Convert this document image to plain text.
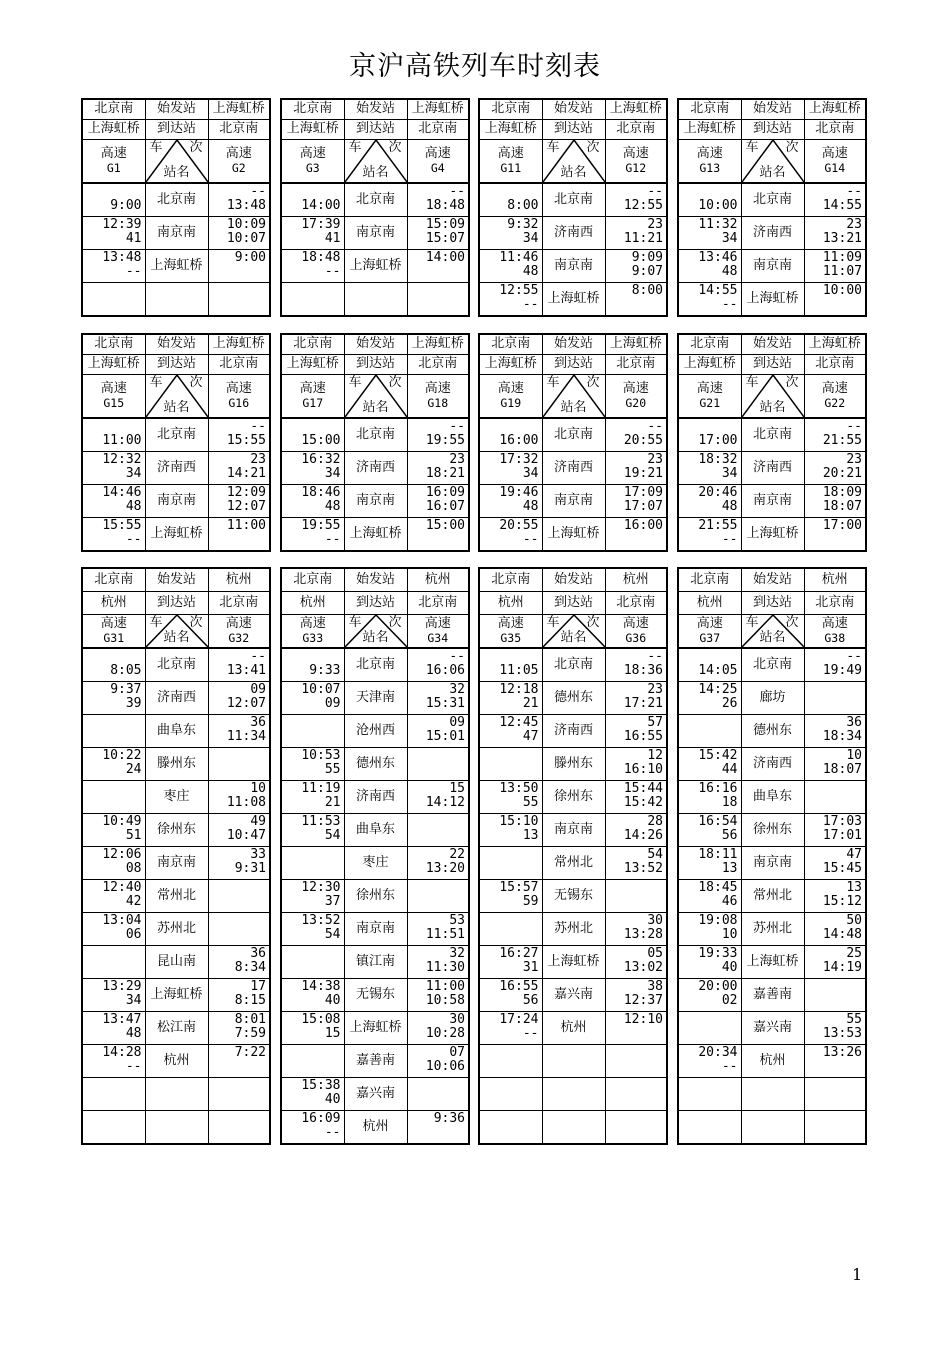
京沪高铁列车时刻表
北京南	始发站	上海虹桥
上海虹桥	到达站	北京南

高速
G1	车 次
站名	高速
G2

9:00	北京南	--
13:48

12:39
41	南京南	10:09
10:07

13:48
--	上海虹桥	9:00

北京南	始发站	上海虹桥
上海虹桥	到达站	北京南

高速
G3	车 次
站名	高速
G4

14:00	北京南	--
18:48

17:39
41	南京南	15:09
15:07

18:48
--	上海虹桥	14:00

北京南	始发站	上海虹桥
上海虹桥	到达站	北京南

高速
G11	车 次
站名	高速
G12

8:00	北京南	--
12:55

9:32
34	济南西	23
11:21

11:46
48	南京南	9:09
9:07

12:55
--	上海虹桥	8:00
北京南	始发站	上海虹桥
上海虹桥	到达站	北京南

高速
G13	车 次
站名	高速
G14

10:00	北京南	--
14:55

11:32
34	济南西	23
13:21

13:46
48	南京南	11:09
11:07

14:55
--	上海虹桥	10:00
北京南	始发站	上海虹桥
上海虹桥	到达站	北京南

高速
G15	车 次
站名	高速
G16

11:00	北京南	--
15:55

12:32
34	济南西	23
14:21

14:46
48	南京南	12:09
12:07

15:55
--	上海虹桥	11:00
北京南	始发站	上海虹桥
上海虹桥	到达站	北京南

高速
G17	车 次
站名	高速
G18

15:00	北京南	--
19:55

16:32
34	济南西	23
18:21

18:46
48	南京南	16:09
16:07

19:55
--	上海虹桥	15:00
北京南	始发站	上海虹桥
上海虹桥	到达站	北京南

高速
G19	车 次
站名	高速
G20

16:00	北京南	--
20:55

17:32
34	济南西	23
19:21

19:46
48	南京南	17:09
17:07

20:55
--	上海虹桥	16:00
北京南	始发站	上海虹桥
上海虹桥	到达站	北京南

高速
G21	车 次
站名	高速
G22

17:00	北京南	--
21:55

18:32
34	济南西	23
20:21

20:46
48	南京南	18:09
18:07

21:55
--	上海虹桥	17:00
北京南	始发站	杭州
杭州	到达站	北京南

高速
G31	车 次
站名	高速
G32

8:05	北京南	--
13:41

9:37
39	济南西	09
12:07

	曲阜东	36
11:34

10:22
24	滕州东	

	枣庄	10
11:08

10:49
51	徐州东	49
10:47

12:06
08	南京南	33
9:31

12:40
42	常州北	

13:04
06	苏州北	

	昆山南	36
8:34

13:29
34	上海虹桥	17
8:15

13:47
48	松江南	8:01
7:59

14:28
--	杭州	7:22

北京南	始发站	杭州
杭州	到达站	北京南

高速
G33	车 次
站名	高速
G34

9:33	北京南	--
16:06

10:07
09	天津南	32
15:31

	沧州西	09
15:01

10:53
55	德州东	

11:19
21	济南西	15
14:12

11:53
54	曲阜东	

	枣庄	22
13:20

12:30
37	徐州东	

13:52
54	南京南	53
11:51

	镇江南	32
11:30

14:38
40	无锡东	11:00
10:58

15:08
15	上海虹桥	30
10:28

	嘉善南	07
10:06

15:38
40	嘉兴南	

16:09
--	杭州	9:36
北京南	始发站	杭州
杭州	到达站	北京南

高速
G35	车 次
站名	高速
G36

11:05	北京南	--
18:36

12:18
21	德州东	23
17:21

12:45
47	济南西	57
16:55

	滕州东	12
16:10

13:50
55	徐州东	15:44
15:42

15:10
13	南京南	28
14:26

	常州北	54
13:52

15:57
59	无锡东	

	苏州北	30
13:28

16:27
31	上海虹桥	05
13:02

16:55
56	嘉兴南	38
12:37

17:24
--	杭州	12:10

北京南	始发站	杭州
杭州	到达站	北京南

高速
G37	车 次
站名	高速
G38

14:05	北京南	--
19:49

14:25
26	廊坊	

	德州东	36
18:34

15:42
44	济南西	10
18:07

16:16
18	曲阜东	

16:54
56	徐州东	17:03
17:01

18:11
13	南京南	47
15:45

18:45
46	常州北	13
15:12

19:08
10	苏州北	50
14:48

19:33
40	上海虹桥	25
14:19

20:00
02	嘉善南	

	嘉兴南	55
13:53

20:34
--	杭州	13:26

1
